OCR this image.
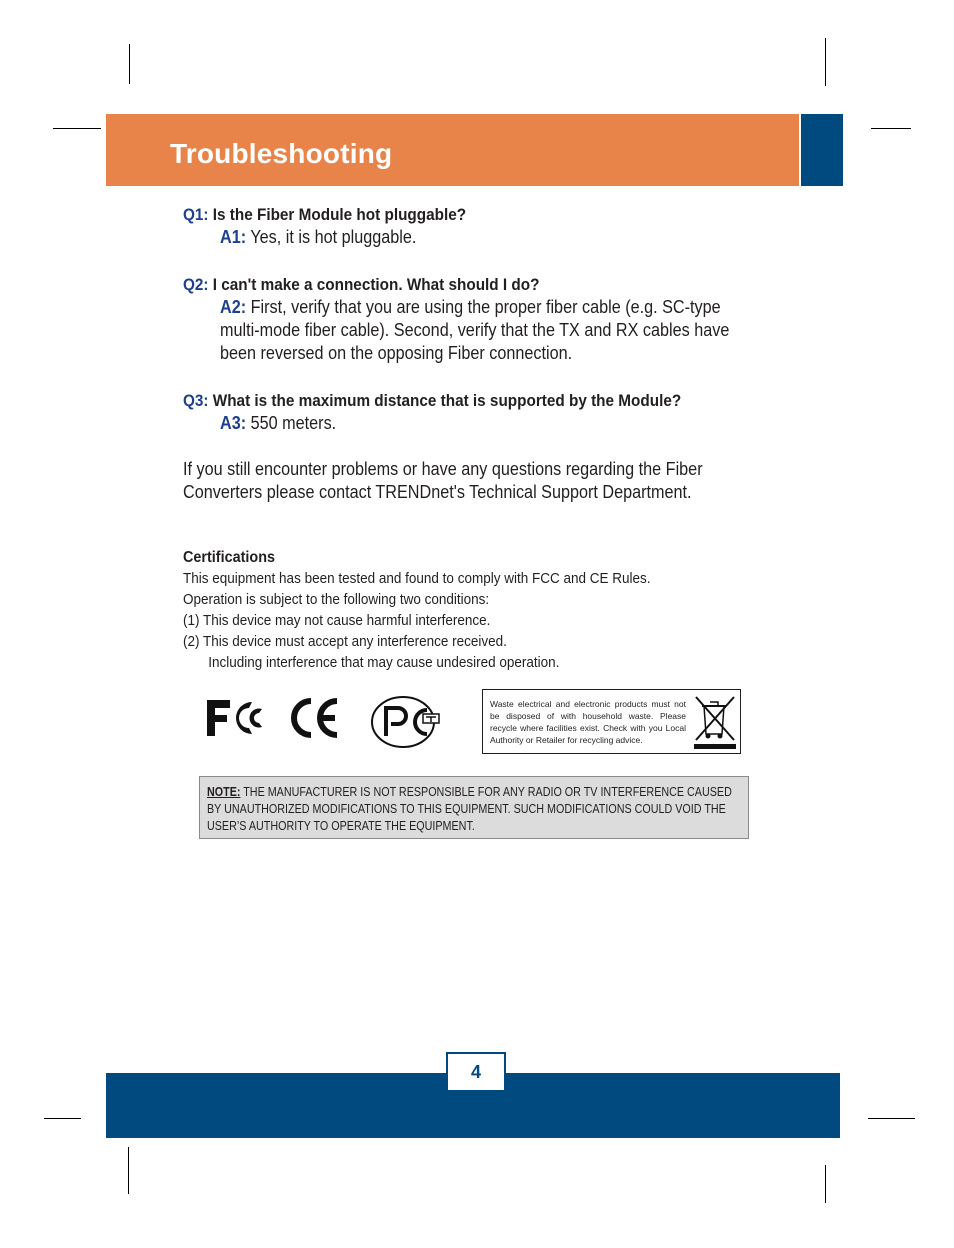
Troubleshooting
Q1: Is the Fiber Module hot pluggable?
A1: Yes, it is hot pluggable.
Q2: I can't make a connection. What should I do?
A2: First, verify that you are using the proper fiber cable (e.g. SC-type multi-mode fiber cable). Second, verify that the TX and RX cables have been reversed on the opposing Fiber connection.
Q3: What is the maximum distance that is supported by the Module?
A3: 550 meters.
If you still encounter problems or have any questions regarding the Fiber Converters please contact TRENDnet's Technical Support Department.
Certifications
This equipment has been tested and found to comply with FCC and CE Rules.
Operation is subject to the following two conditions:
(1) This device may not cause harmful interference.
(2) This device must accept any interference received.
Including interference that may cause undesired operation.
Waste electrical and electronic products must not be disposed of with household waste. Please recycle where facilities exist. Check with you Local Authority or Retailer for recycling advice.
NOTE: THE MANUFACTURER IS NOT RESPONSIBLE FOR ANY RADIO OR TV INTERFERENCE CAUSED BY UNAUTHORIZED MODIFICATIONS TO THIS EQUIPMENT. SUCH MODIFICATIONS COULD VOID THE USER’S AUTHORITY TO OPERATE THE EQUIPMENT.
4
